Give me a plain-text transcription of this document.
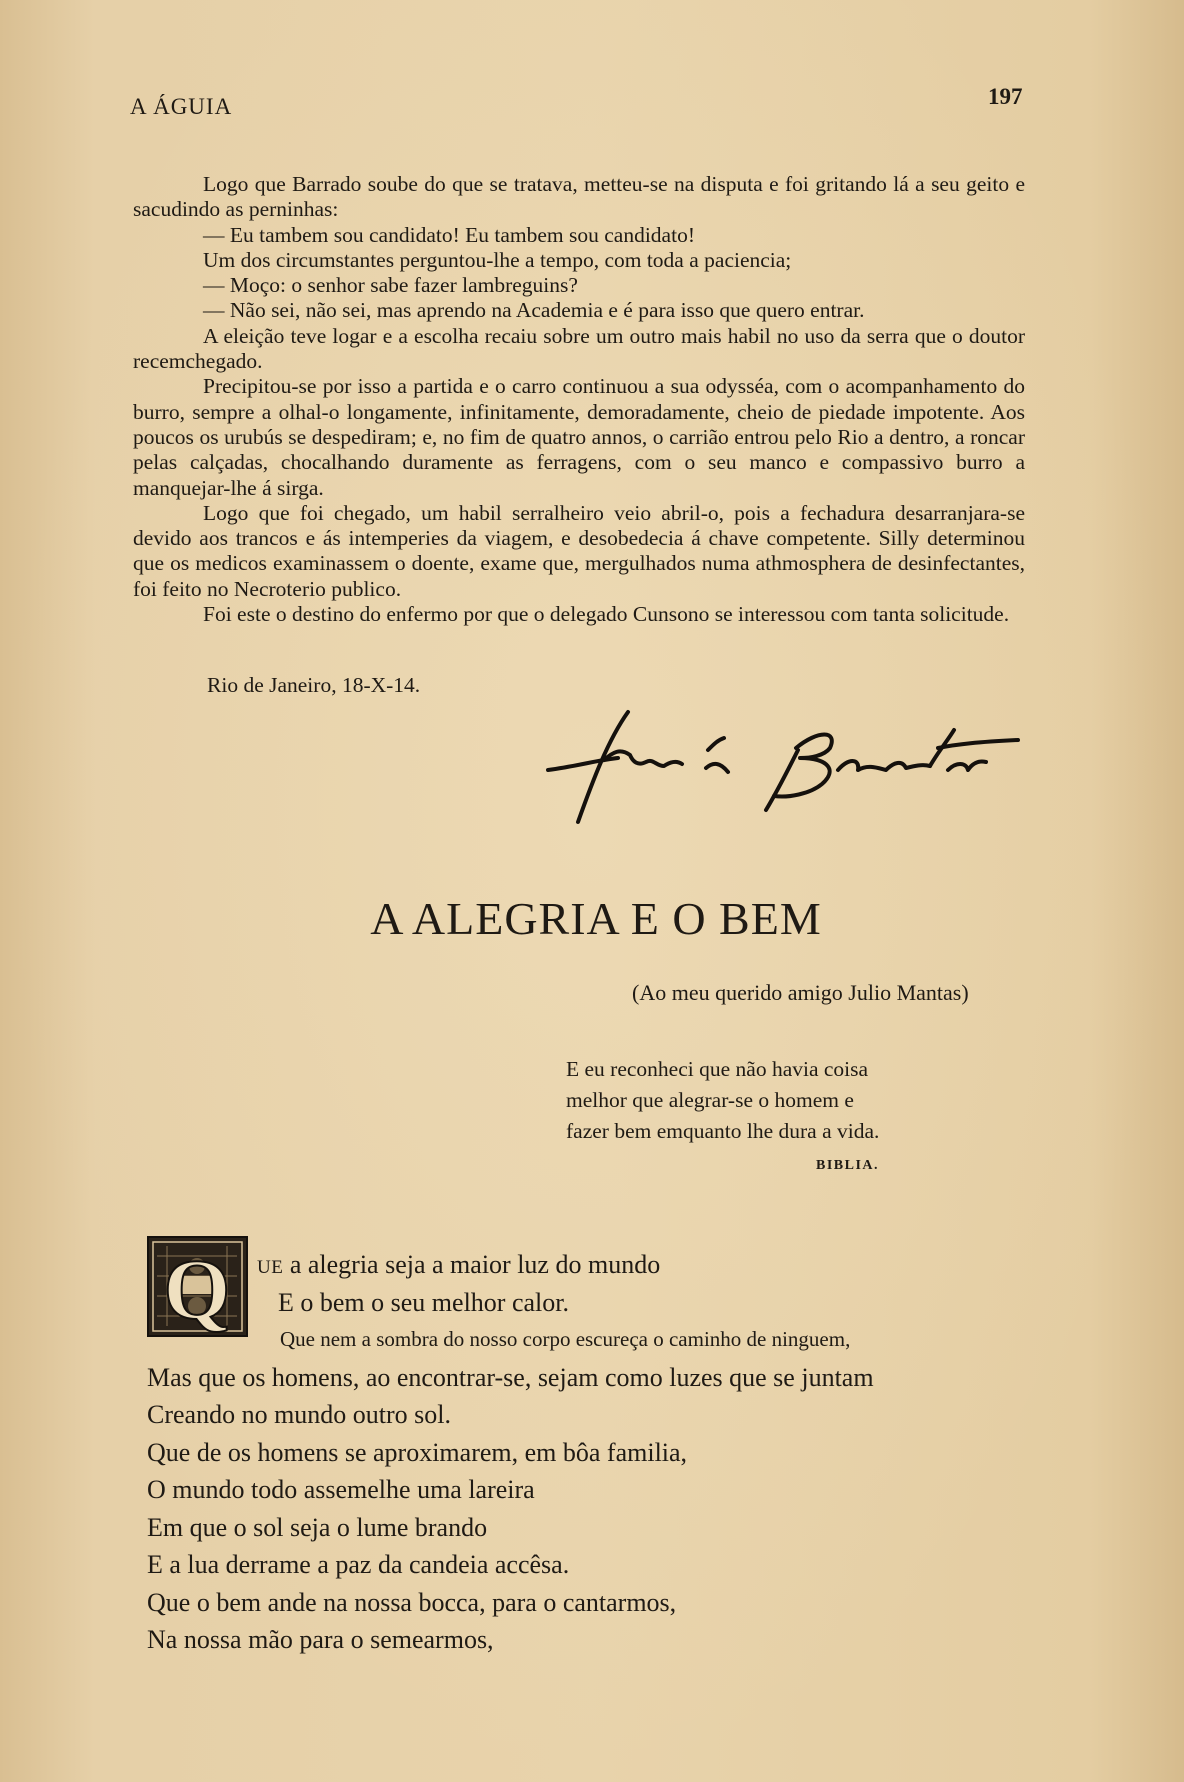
A ÁGUIA	197

Logo que Barrado soube do que se tratava, metteu-se na disputa e foi gritando lá a seu geito e sacudindo as perninhas:

— Eu tambem sou candidato! Eu tambem sou candidato!

Um dos circumstantes perguntou-lhe a tempo, com toda a paciencia;

— Moço: o senhor sabe fazer lambreguins?

— Não sei, não sei, mas aprendo na Academia e é para isso que quero entrar.

A eleição teve logar e a escolha recaiu sobre um outro mais habil no uso da serra que o doutor recemchegado.

Precipitou-se por isso a partida e o carro continuou a sua odysséa, com o acompanhamento do burro, sempre a olhal-o longamente, infinitamente, demoradamente, cheio de piedade impotente. Aos poucos os urubús se despediram; e, no fim de quatro annos, o carrião entrou pelo Rio a dentro, a roncar pelas calçadas, chocalhando duramente as ferragens, com o seu manco e compassivo burro a manquejar-lhe á sirga.

Logo que foi chegado, um habil serralheiro veio abril-o, pois a fechadura desarranjara-se devido aos trancos e ás intemperies da viagem, e desobedecia á chave competente. Silly determinou que os medicos examinassem o doente, exame que, mergulhados numa athmosphera de desinfectantes, foi feito no Necroterio publico.

Foi este o destino do enfermo por que o delegado Cunsono se interessou com tanta solicitude.

Rio de Janeiro, 18-X-14.
A ALEGRIA E O BEM
(Ao meu querido amigo Julio Mantas)

E eu reconheci que não havia coisa

melhor que alegrar-se o homem e

fazer bem emquanto lhe dura a vida.

BIBLIA.
Q	UE a alegria seja a maior luz do mundo
E o bem o seu melhor calor.
Que nem a sombra do nosso corpo escureça o caminho de ninguem,
Mas que os homens, ao encontrar-se, sejam como luzes que se juntam
Creando no mundo outro sol.
Que de os homens se aproximarem, em bôa familia,
O mundo todo assemelhe uma lareira
Em que o sol seja o lume brando
E a lua derrame a paz da candeia accêsa.
Que o bem ande na nossa bocca, para o cantarmos,
Na nossa mão para o semearmos,
